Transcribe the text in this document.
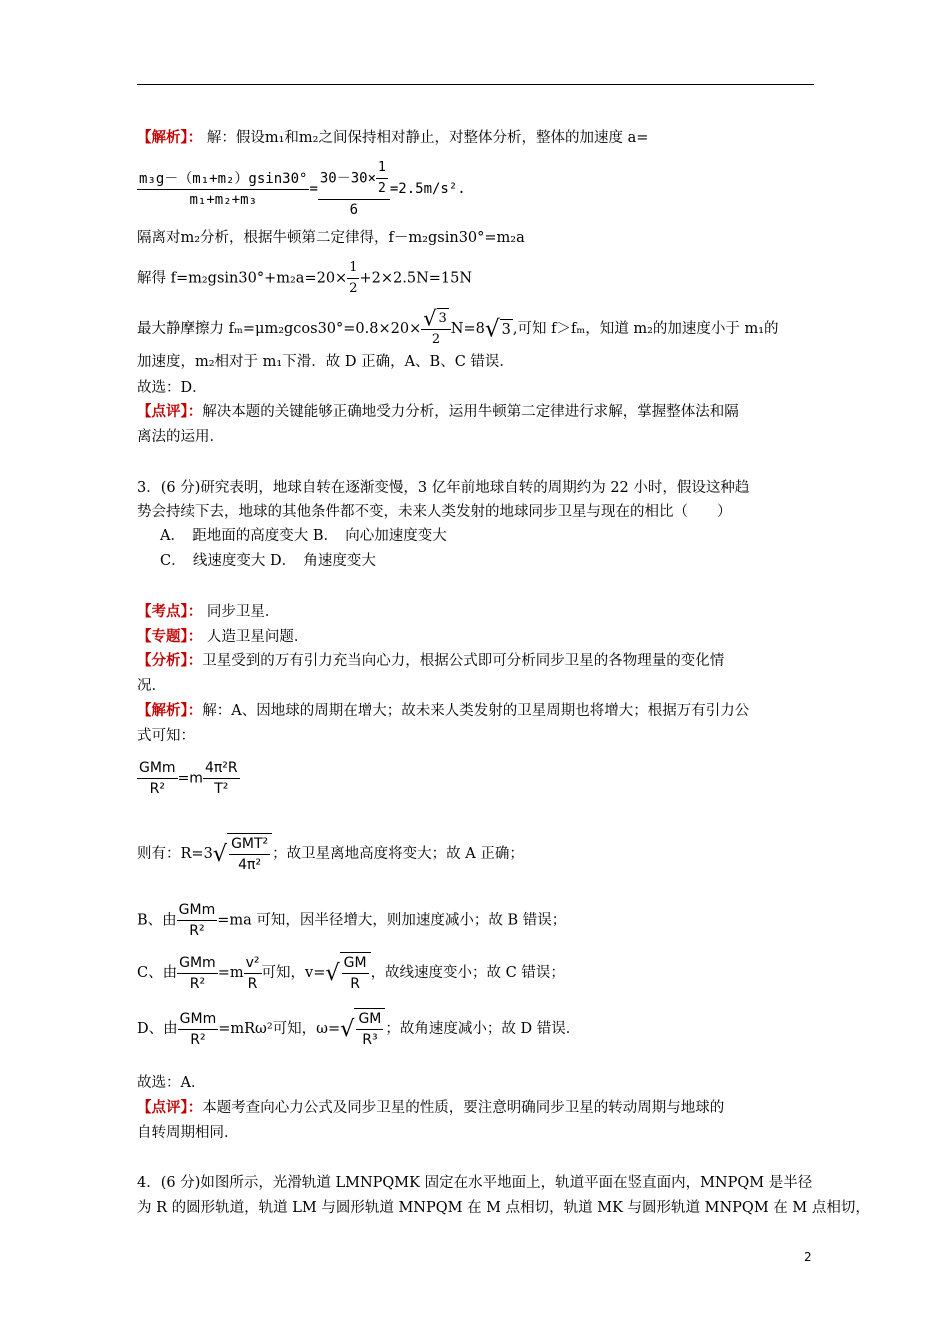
【解析】： 解：假设m₁和m₂之间保持相对静止，对整体分析，整体的加速度 a=
$\frac{\text{m₃g－（m₁+m₂）gsin30°}}{\text{m₁+m₂+m₃}} = \frac{30-30\times \frac{1}{2}}{6} =2.5m/s^2$.
隔离对m₂分析，根据牛顿第二定律得，f－m₂gsin30°=m₂a
解得 $f=m_2gsin30^\circ+m_2a=20\times \frac{1}{2} +2\times 2.5N=15N$
最大静摩擦力 $f_m=\mu m_2gcos30^\circ=0.8\times 20\times \frac{√ 3}{2} N=8√$ 3 ,可知 f＞fₘ，知道 m₂的加速度小于 m₁的
加速度，m₂相对于 m₁下滑．故 D 正确，A、B、C 错误．
故选：D．
【点评】：解决本题的关键能够正确地受力分析，运用牛顿第二定律进行求解，掌握整体法和隔
离法的运用．
3．(6 分)研究表明，地球自转在逐渐变慢，3 亿年前地球自转的周期约为 22 小时，假设这种趋
势会持续下去，地球的其他条件都不变，未来人类发射的地球同步卫星与现在的相比（　　）
A．　距地面的高度变大 B．　向心加速度变大
C．　线速度变大 D．　角速度变大
【考点】： 同步卫星．
【专题】： 人造卫星问题．
【分析】：卫星受到的万有引力充当向心力，根据公式即可分析同步卫星的各物理量的变化情
况．
【解析】：解：A、因地球的周期在增大；故未来人类发射的卫星周期也将增大；根据万有引力公
式可知：
$\frac{\text{GMm}}{\text{R²}} =m \frac{\text{4π²R}}{\text{T²}}$
则有：$R=3√ \frac{\text{GMT²}}{\text{4π²}}$ ；故卫星离地高度将变大；故 A 正确；
B、由 $\frac{\text{GMm}}{\text{R²}} =ma$ 可知，因半径增大，则加速度减小；故 B 错误；
C、由 $\frac{\text{GMm}}{\text{R²}} =m \frac{\text{v²}}{R}$ 可知，$v=√ \frac{GM}{R}$ ，故线速度变小；故 C 错误；
D、由 $\frac{\text{GMm}}{\text{R²}} =mR\omega^2$可知，$\omega=√ \frac{GM}{\text{R³}}$ ；故角速度减小；故 D 错误．
故选：A．
【点评】：本题考查向心力公式及同步卫星的性质，要注意明确同步卫星的转动周期与地球的
自转周期相同．
4．(6 分)如图所示，光滑轨道 LMNPQMK 固定在水平地面上，轨道平面在竖直面内，MNPQM 是半径
为 R 的圆形轨道，轨道 LM 与圆形轨道 MNPQM 在 M 点相切，轨道 MK 与圆形轨道 MNPQM 在 M 点相切，
2
